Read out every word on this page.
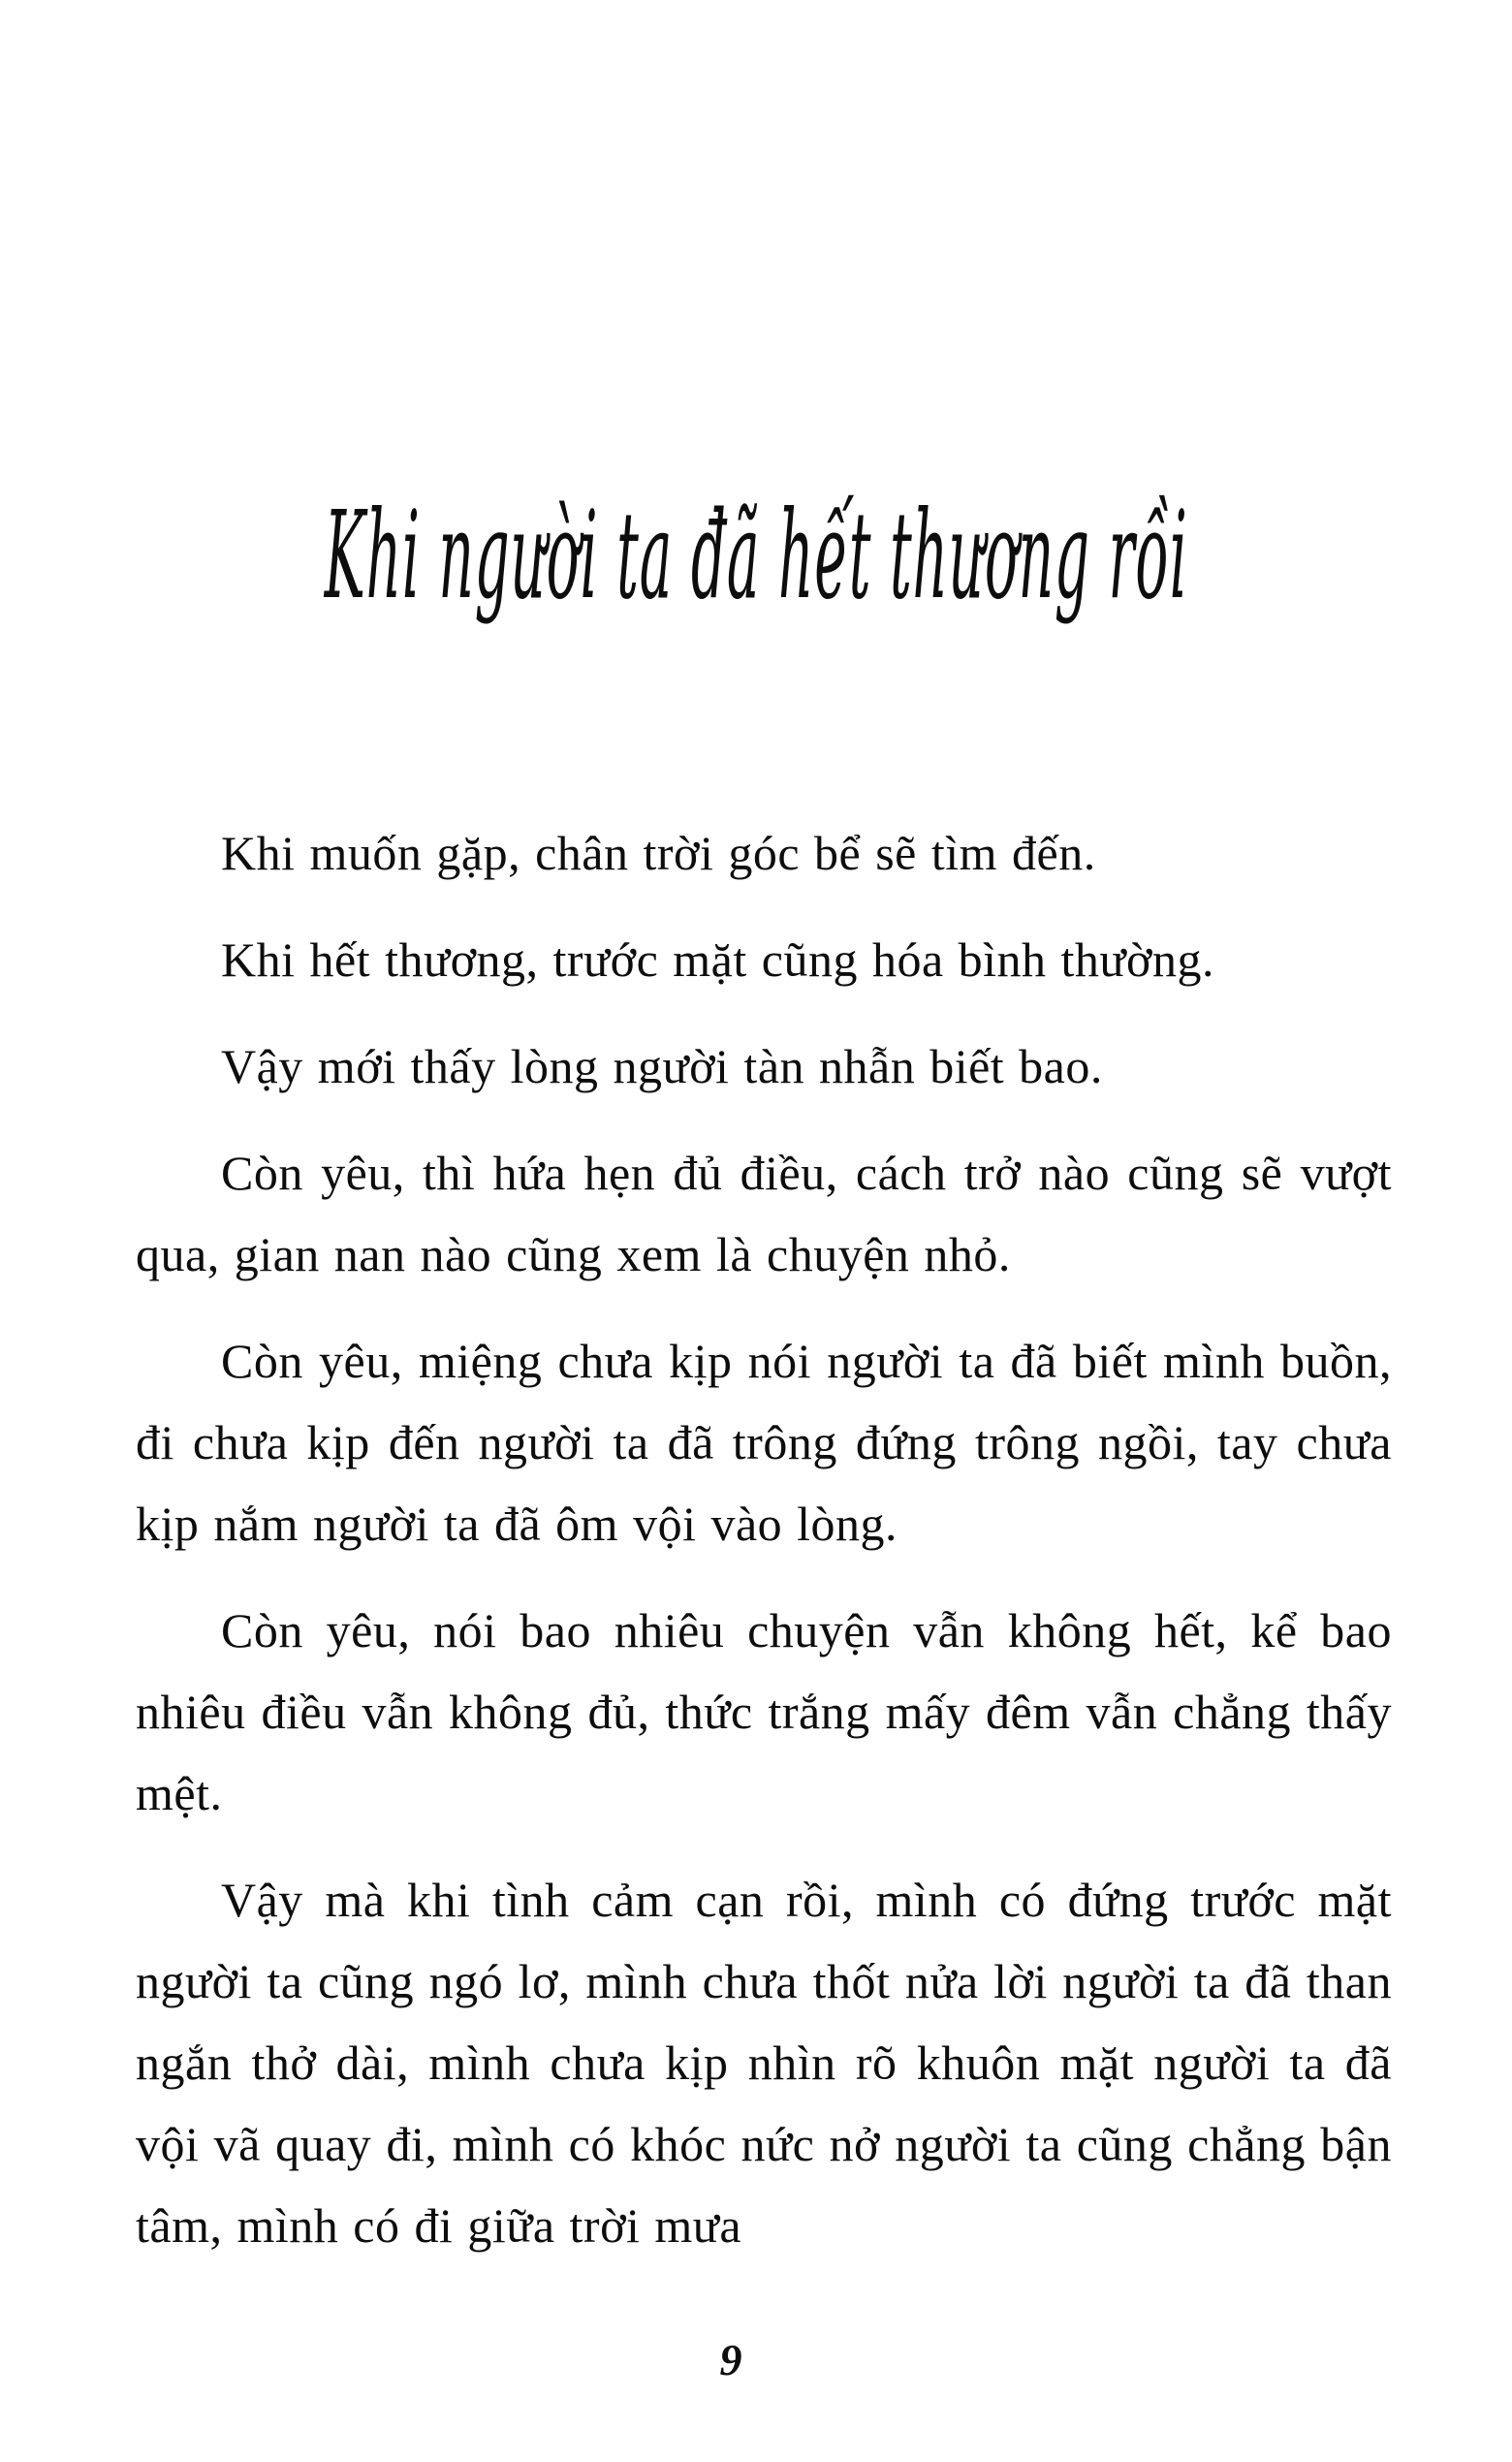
Khi người ta đã hết thương rồi

Khi muốn gặp, chân trời góc bể sẽ tìm đến.

Khi hết thương, trước mặt cũng hóa bình thường.

Vậy mới thấy lòng người tàn nhẫn biết bao.

Còn yêu, thì hứa hẹn đủ điều, cách trở nào cũng sẽ vượt qua, gian nan nào cũng xem là chuyện nhỏ.

Còn yêu, miệng chưa kịp nói người ta đã biết mình buồn, đi chưa kịp đến người ta đã trông đứng trông ngồi, tay chưa kịp nắm người ta đã ôm vội vào lòng.

Còn yêu, nói bao nhiêu chuyện vẫn không hết, kể bao nhiêu điều vẫn không đủ, thức trắng mấy đêm vẫn chẳng thấy mệt.

Vậy mà khi tình cảm cạn rồi, mình có đứng trước mặt người ta cũng ngó lơ, mình chưa thốt nửa lời người ta đã than ngắn thở dài, mình chưa kịp nhìn rõ khuôn mặt người ta đã vội vã quay đi, mình có khóc nức nở người ta cũng chẳng bận tâm, mình có đi giữa trời mưa

9
